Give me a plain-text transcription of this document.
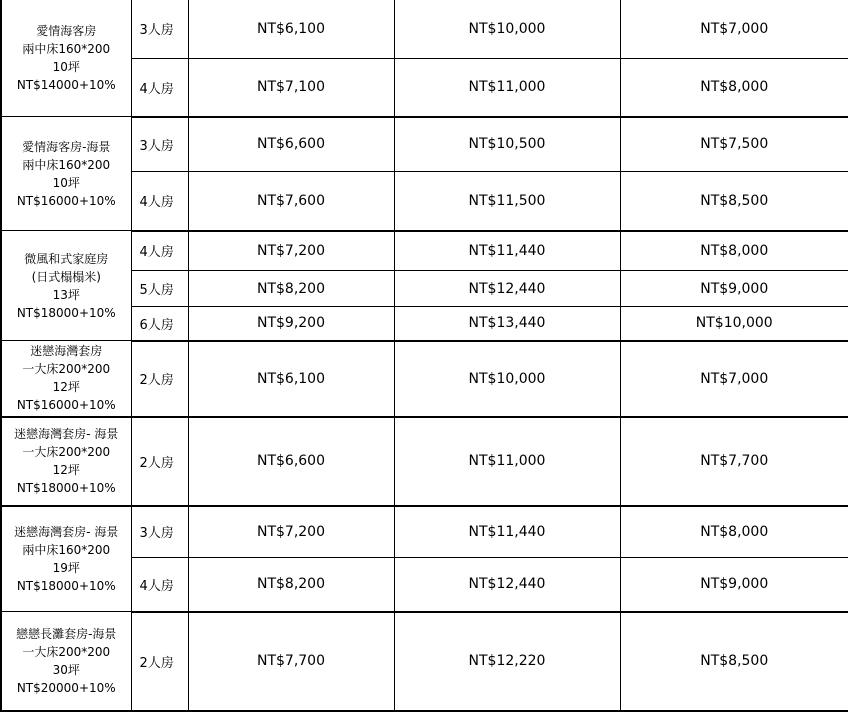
愛情海客房
兩中床160*200
10坪
NT$14000+10%	3人房	NT$6,100	NT$10,000	NT$7,000
	4人房	NT$7,100	NT$11,000	NT$8,000

愛情海客房-海景
兩中床160*200
10坪
NT$16000+10%	3人房	NT$6,600	NT$10,500	NT$7,500
	4人房	NT$7,600	NT$11,500	NT$8,500

微風和式家庭房
(日式榻榻米)
13坪
NT$18000+10%	4人房	NT$7,200	NT$11,440	NT$8,000
	5人房	NT$8,200	NT$12,440	NT$9,000
	6人房	NT$9,200	NT$13,440	NT$10,000

迷戀海灣套房
一大床200*200
12坪
NT$16000+10%	2人房	NT$6,100	NT$10,000	NT$7,000

迷戀海灣套房- 海景
一大床200*200
12坪
NT$18000+10%	2人房	NT$6,600	NT$11,000	NT$7,700

迷戀海灣套房- 海景
兩中床160*200
19坪
NT$18000+10%	3人房	NT$7,200	NT$11,440	NT$8,000
	4人房	NT$8,200	NT$12,440	NT$9,000

戀戀長灘套房-海景
一大床200*200
30坪
NT$20000+10%	2人房	NT$7,700	NT$12,220	NT$8,500
